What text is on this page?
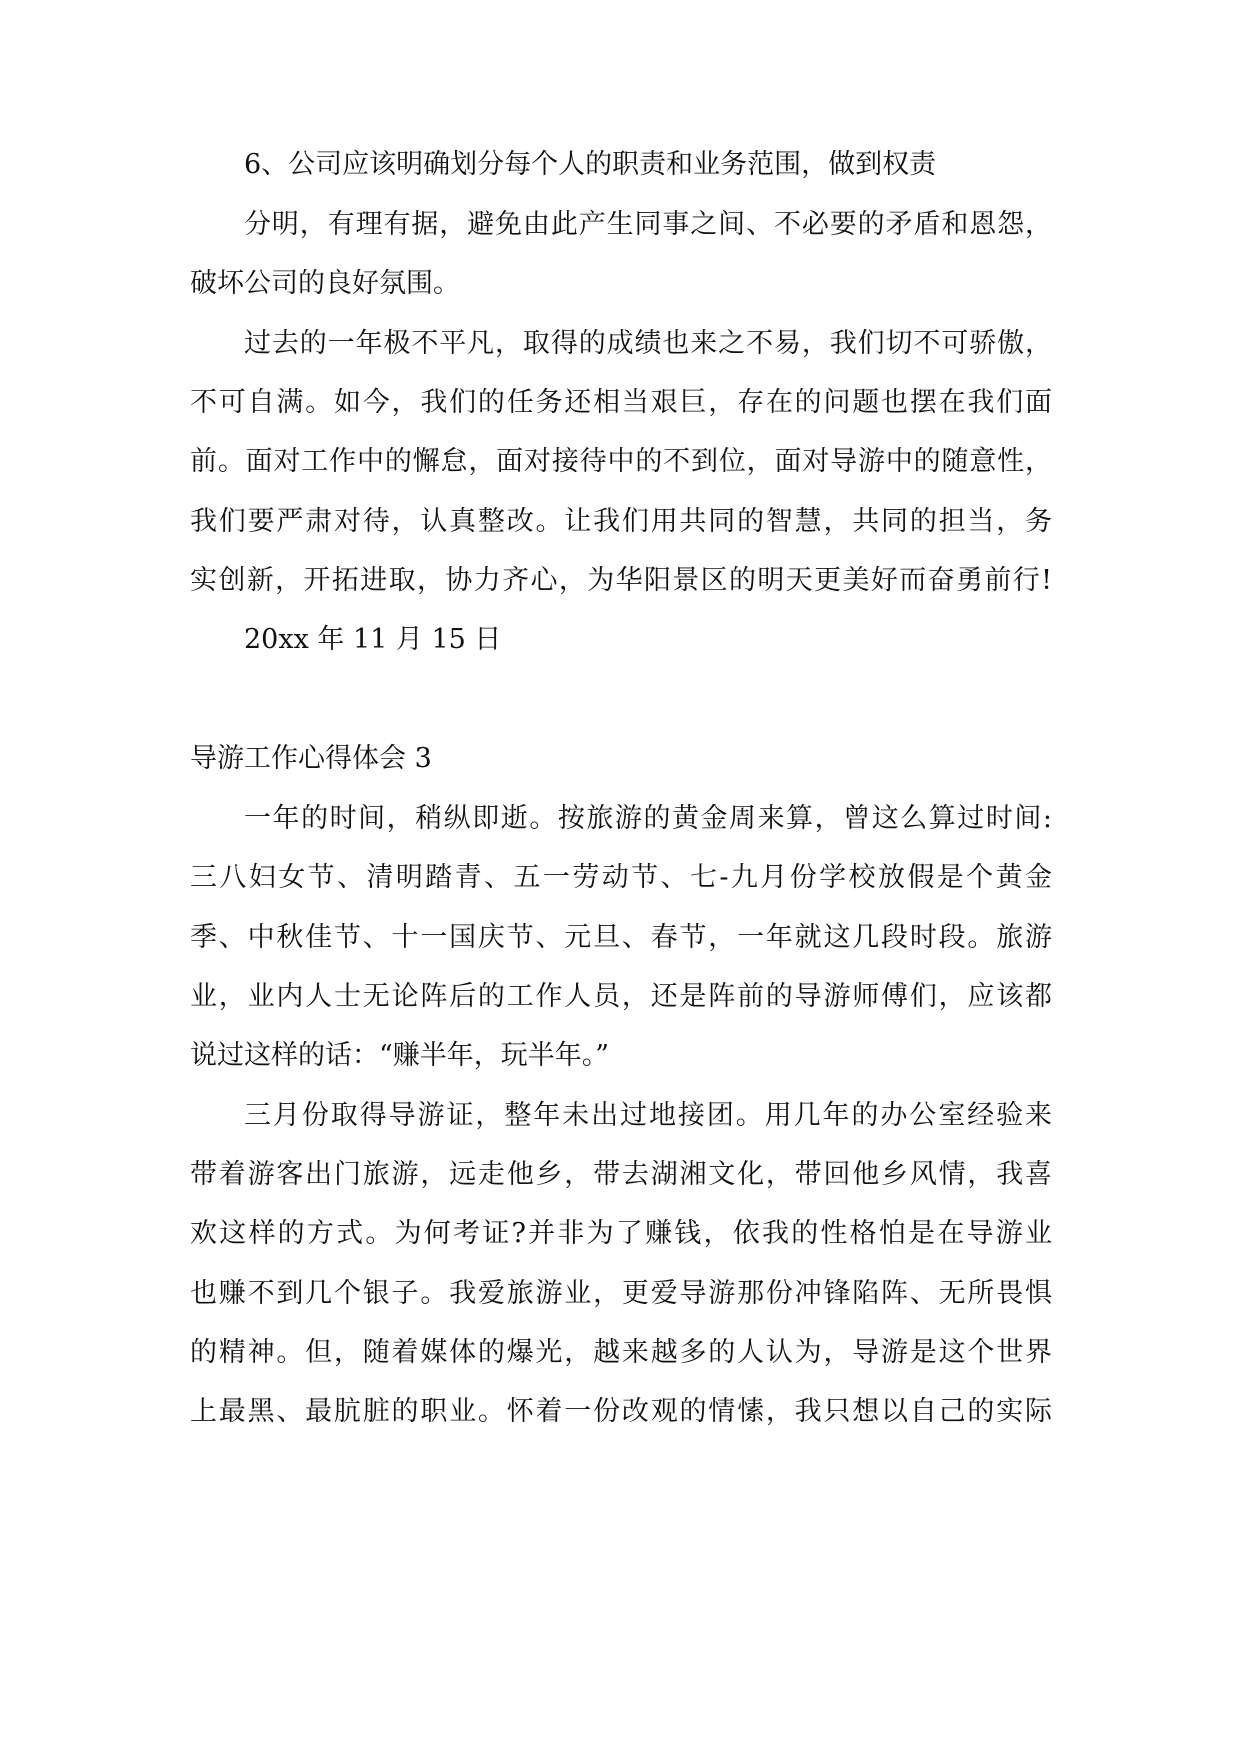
6、公司应该明确划分每个人的职责和业务范围，做到权责
分明，有理有据，避免由此产生同事之间、不必要的矛盾和恩怨，
破坏公司的良好氛围。
过去的一年极不平凡，取得的成绩也来之不易，我们切不可骄傲，
不可自满。如今，我们的任务还相当艰巨，存在的问题也摆在我们面
前。面对工作中的懈怠，面对接待中的不到位，面对导游中的随意性，
我们要严肃对待，认真整改。让我们用共同的智慧，共同的担当，务
实创新，开拓进取，协力齐心，为华阳景区的明天更美好而奋勇前行!
20xx 年 11 月 15 日
导游工作心得体会 3
一年的时间，稍纵即逝。按旅游的黄金周来算，曾这么算过时间:
三八妇女节、清明踏青、五一劳动节、七-九月份学校放假是个黄金
季、中秋佳节、十一国庆节、元旦、春节，一年就这几段时段。旅游
业，业内人士无论阵后的工作人员，还是阵前的导游师傅们，应该都
说过这样的话：“赚半年，玩半年。”
三月份取得导游证，整年未出过地接团。用几年的办公室经验来
带着游客出门旅游，远走他乡，带去湖湘文化，带回他乡风情，我喜
欢这样的方式。为何考证?并非为了赚钱，依我的性格怕是在导游业
也赚不到几个银子。我爱旅游业，更爱导游那份冲锋陷阵、无所畏惧
的精神。但，随着媒体的爆光，越来越多的人认为，导游是这个世界
上最黑、最肮脏的职业。怀着一份改观的情愫，我只想以自己的实际
